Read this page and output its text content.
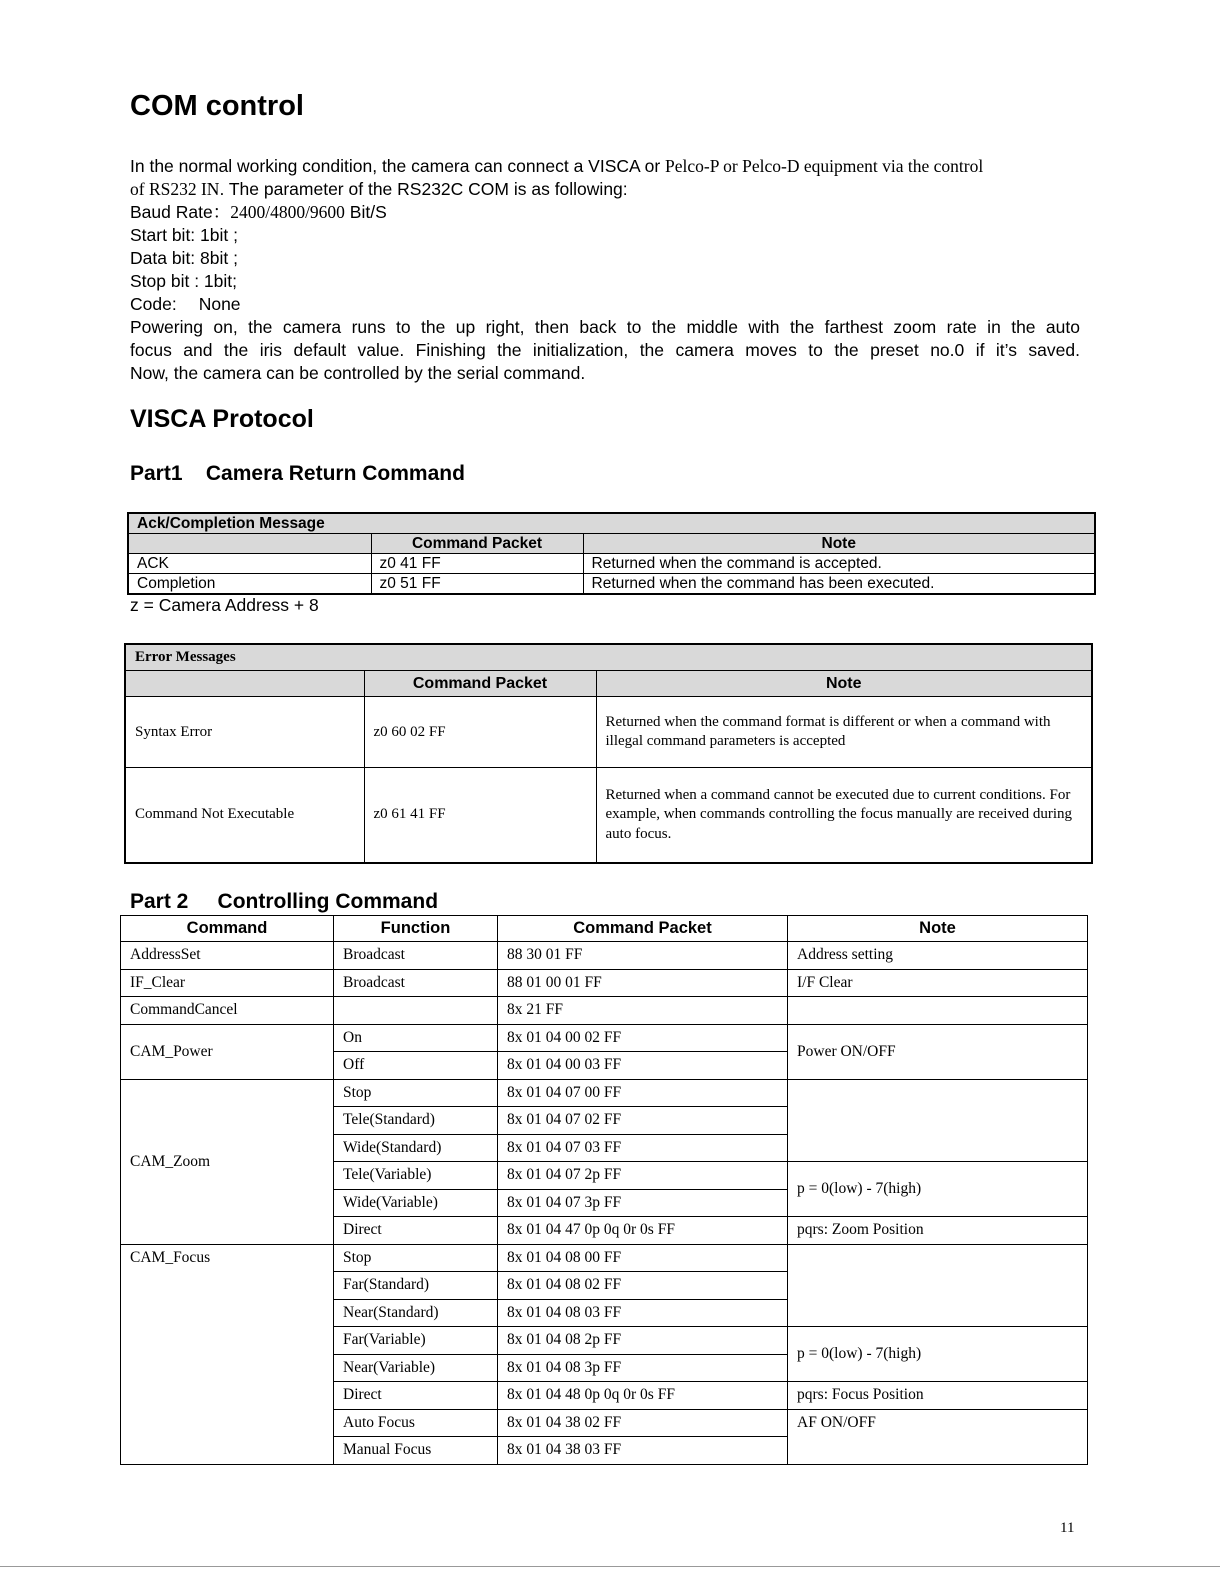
COM control
In the normal working condition, the camera can connect a VISCA or Pelco-P or Pelco-D equipment via the control
of RS232 IN. The parameter of the RS232C COM is as following:
Baud Rate：2400/4800/9600 Bit/S
Start bit: 1bit ;
Data bit: 8bit ;
Stop bit : 1bit;
Code: None
Powering on, the camera runs to the up right, then back to the middle with the farthest zoom rate in the auto
focus and the iris default value. Finishing the initialization, the camera moves to the preset no.0 if it’s saved.
Now, the camera can be controlled by the serial command.
VISCA Protocol
Part1    Camera Return Command
Ack/Completion Message		
	Command Packet	Note
ACK	z0 41 FF	Returned when the command is accepted.
Completion	z0 51 FF	Returned when the command has been executed.
z = Camera Address + 8
Error Messages		
	Command Packet	Note
Syntax Error	z0 60 02 FF	Returned when the command format is different or when a command with illegal command parameters is accepted
Command Not Executable	z0 61 41 FF	Returned when a command cannot be executed due to current conditions. For example, when commands controlling the focus manually are received during auto focus.
Part 2     Controlling Command
Command	Function	Command Packet	Note
AddressSet	Broadcast	88 30 01 FF	Address setting
IF_Clear	Broadcast	88 01 00 01 FF	I/F Clear
CommandCancel		8x 21 FF	
CAM_Power	On	8x 01 04 00 02 FF	Power ON/OFF
	Off	8x 01 04 00 03 FF	
CAM_Zoom	Stop	8x 01 04 07 00 FF	
	Tele(Standard)	8x 01 04 07 02 FF	
	Wide(Standard)	8x 01 04 07 03 FF	
	Tele(Variable)	8x 01 04 07 2p FF	p = 0(low) - 7(high)
	Wide(Variable)	8x 01 04 07 3p FF	
	Direct	8x 01 04 47 0p 0q 0r 0s FF	pqrs: Zoom Position
CAM_Focus	Stop	8x 01 04 08 00 FF	
	Far(Standard)	8x 01 04 08 02 FF	
	Near(Standard)	8x 01 04 08 03 FF	
	Far(Variable)	8x 01 04 08 2p FF	p = 0(low) - 7(high)
	Near(Variable)	8x 01 04 08 3p FF	
	Direct	8x 01 04 48 0p 0q 0r 0s FF	pqrs: Focus Position
	Auto Focus	8x 01 04 38 02 FF	AF ON/OFF
	Manual Focus	8x 01 04 38 03 FF	
11
